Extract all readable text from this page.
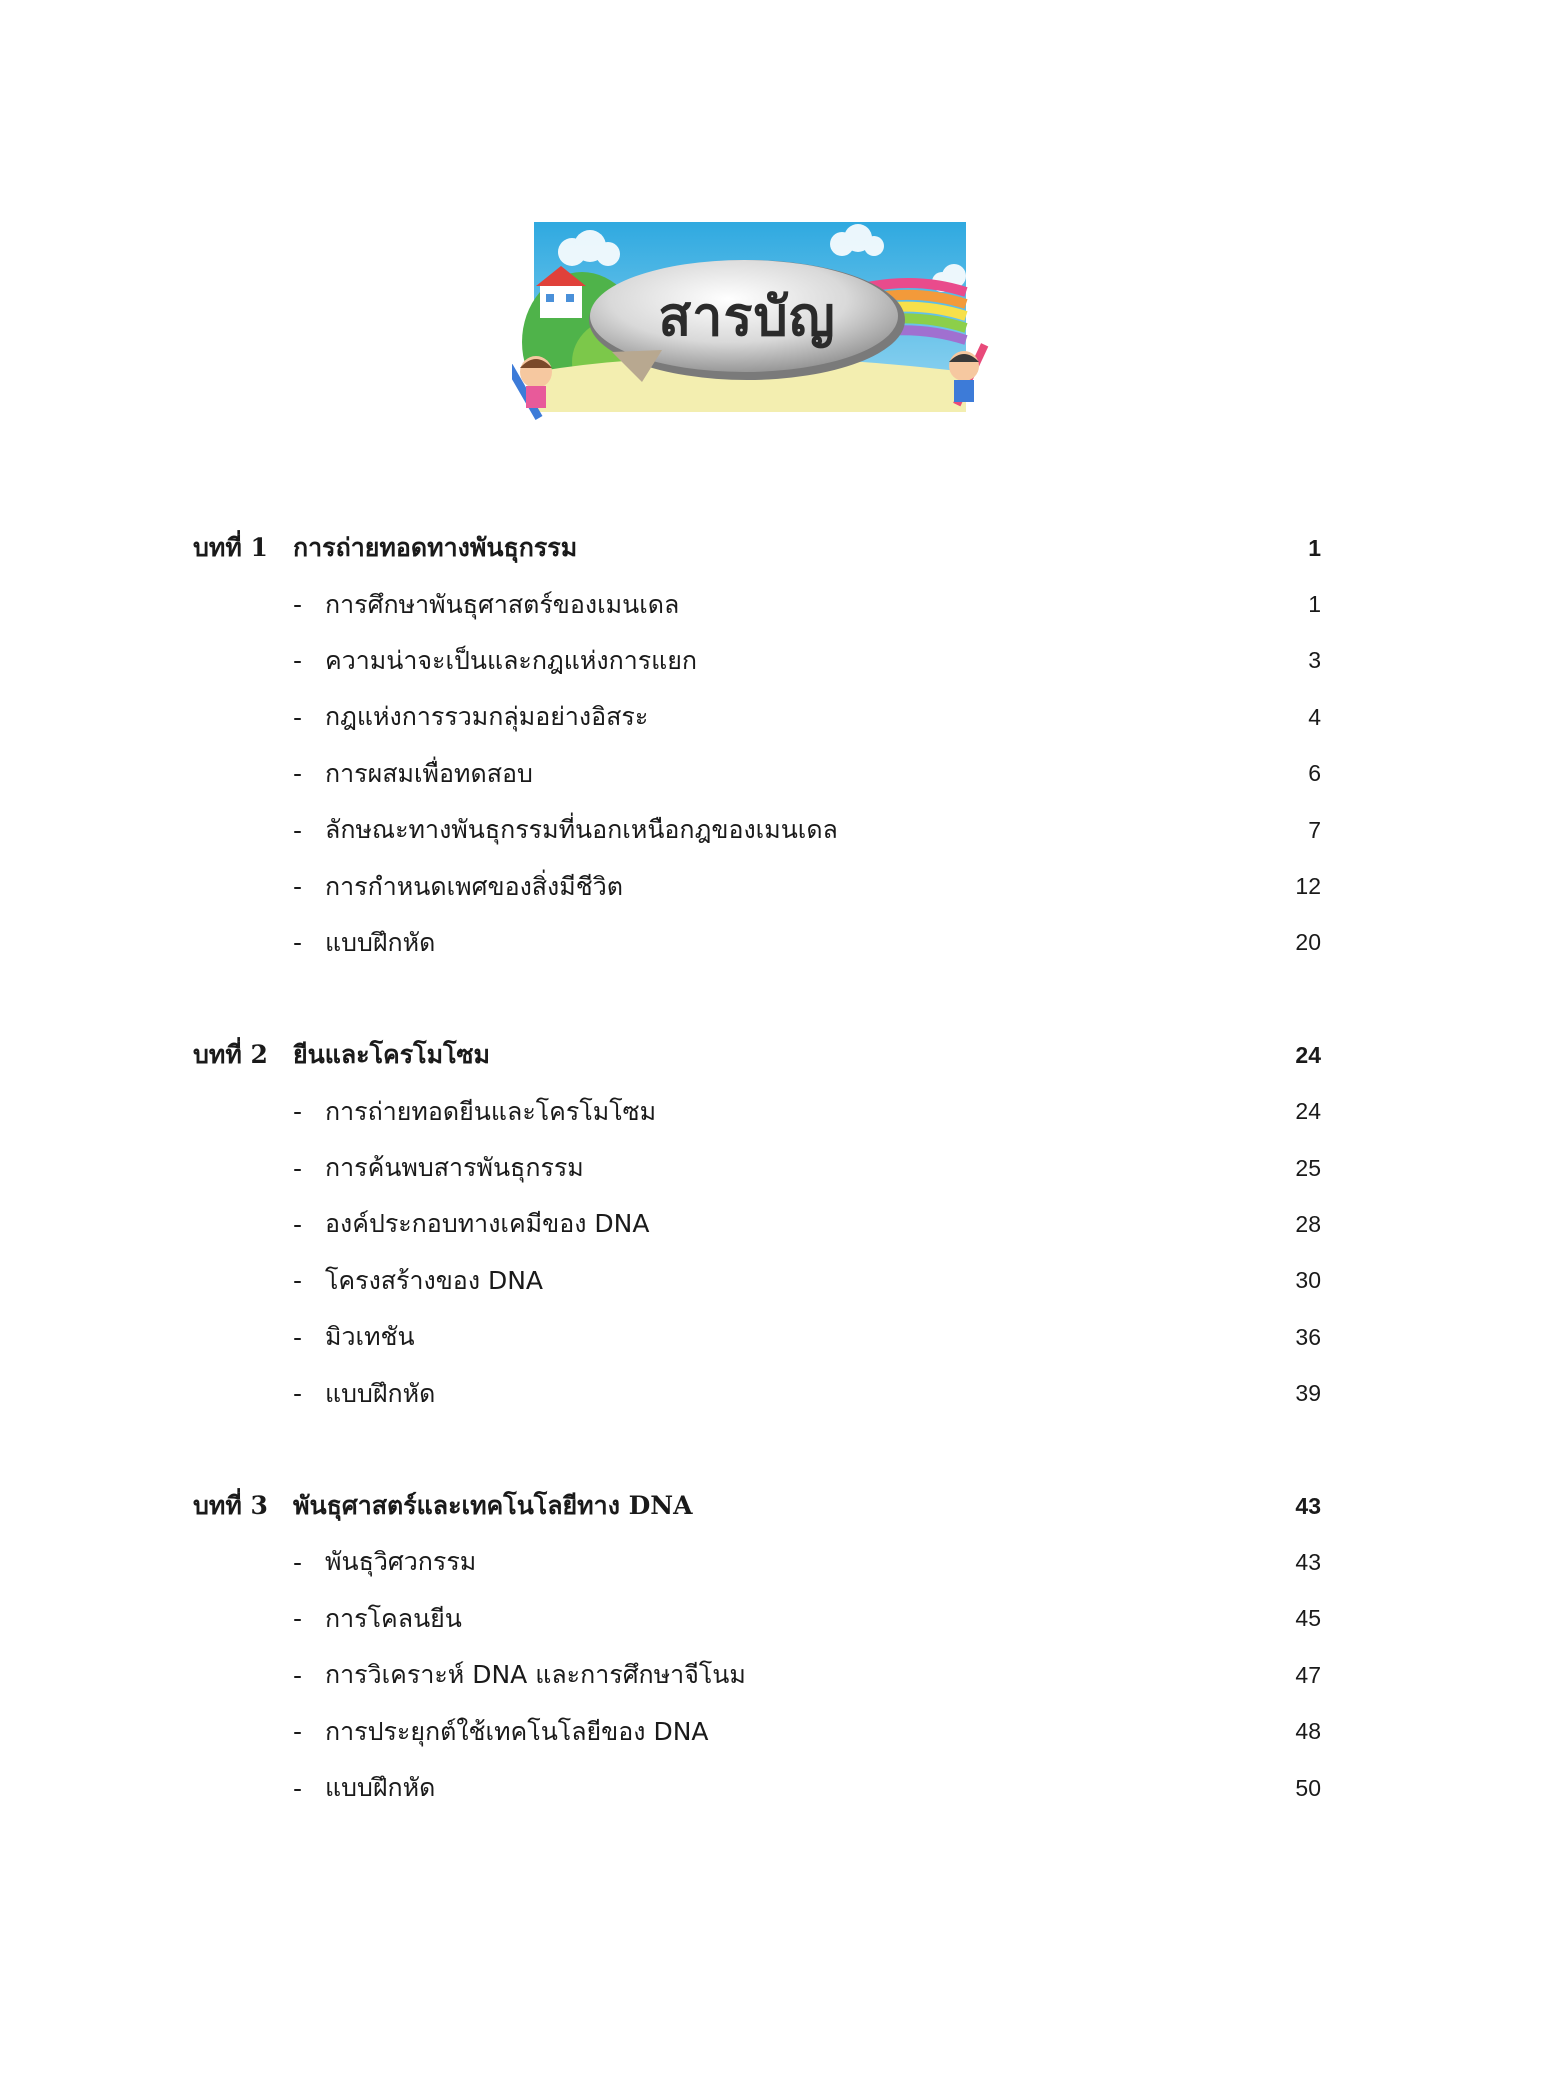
สารบัญ
บทที่ 1	การถ่ายทอดทางพันธุกรรม	1
- การศึกษาพันธุศาสตร์ของเมนเดล	1
- ความน่าจะเป็นและกฎแห่งการแยก	3
- กฎแห่งการรวมกลุ่มอย่างอิสระ	4
- การผสมเพื่อทดสอบ	6
- ลักษณะทางพันธุกรรมที่นอกเหนือกฎของเมนเดล	7
- การกำหนดเพศของสิ่งมีชีวิต	12
- แบบฝึกหัด	20
บทที่ 2	ยีนและโครโมโซม	24
- การถ่ายทอดยีนและโครโมโซม	24
- การค้นพบสารพันธุกรรม	25
- องค์ประกอบทางเคมีของ DNA	28
- โครงสร้างของ DNA	30
- มิวเทชัน	36
- แบบฝึกหัด	39
บทที่ 3	พันธุศาสตร์และเทคโนโลยีทาง DNA	43
- พันธุวิศวกรรม	43
- การโคลนยีน	45
- การวิเคราะห์ DNA และการศึกษาจีโนม	47
- การประยุกต์ใช้เทคโนโลยีของ DNA	48
- แบบฝึกหัด	50
